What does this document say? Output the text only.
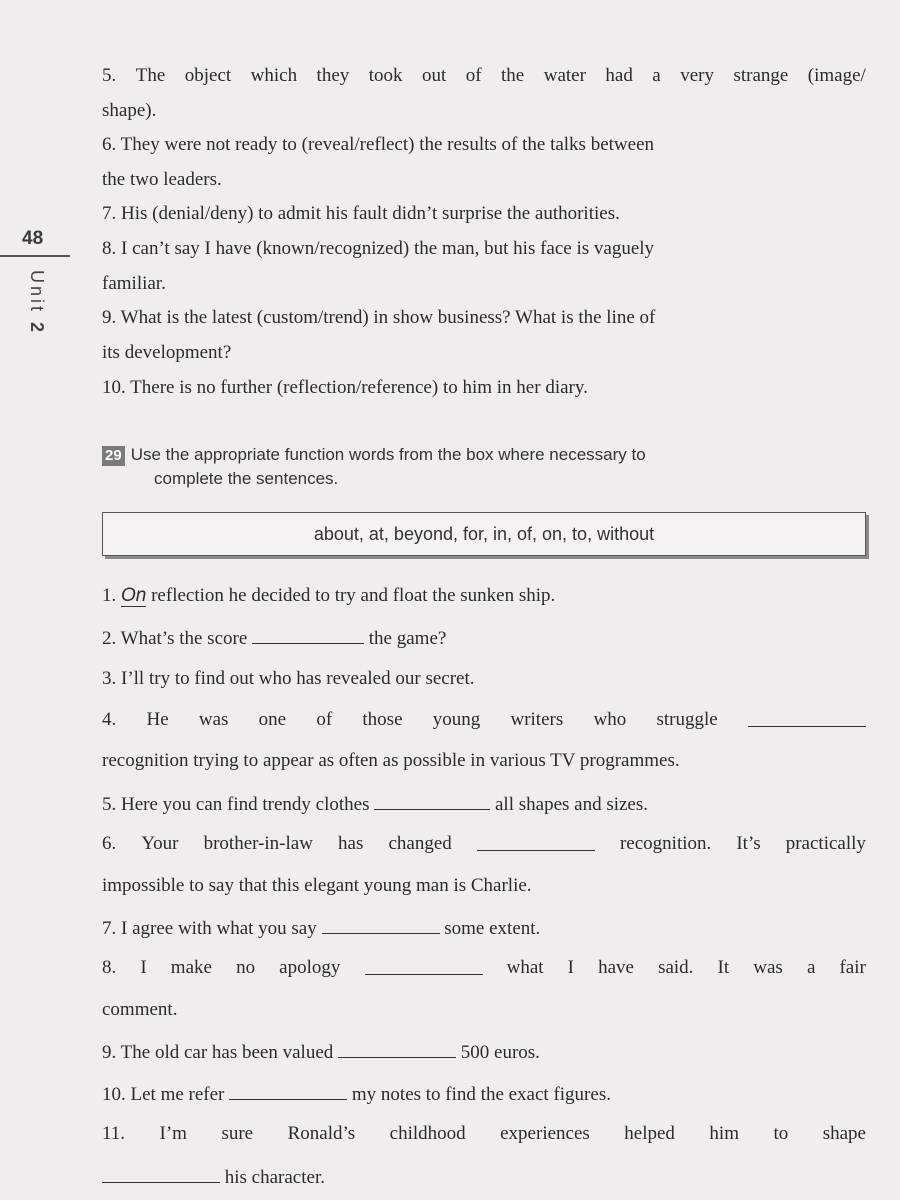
48
Unit 2
5. The object which they took out of the water had a very strange (image/
shape).
6. They were not ready to (reveal/reflect) the results of the talks between
the two leaders.
7. His (denial/deny) to admit his fault didn’t surprise the authorities.
8. I can’t say I have (known/recognized) the man, but his face is vaguely
familiar.
9. What is the latest (custom/trend) in show business? What is the line of
its development?
10. There is no further (reflection/reference) to him in her diary.
29 Use the appropriate function words from the box where necessary to
complete the sentences.
about, at, beyond, for, in, of, on, to, without
1. On reflection he decided to try and float the sunken ship.
2. What’s the score	the game?
3. I’ll try to find out who has revealed our secret.
4. He was one of those young writers who struggle
recognition trying to appear as often as possible in various TV programmes.
5. Here you can find trendy clothes	all shapes and sizes.
6. Your brother-in-law has changed	recognition. It’s practically
impossible to say that this elegant young man is Charlie.
7. I agree with what you say	some extent.
8. I make no apology	what I have said. It was a fair
comment.
9. The old car has been valued	500 euros.
10. Let me refer	my notes to find the exact figures.
11. I’m sure Ronald’s childhood experiences helped him to shape
his character.
